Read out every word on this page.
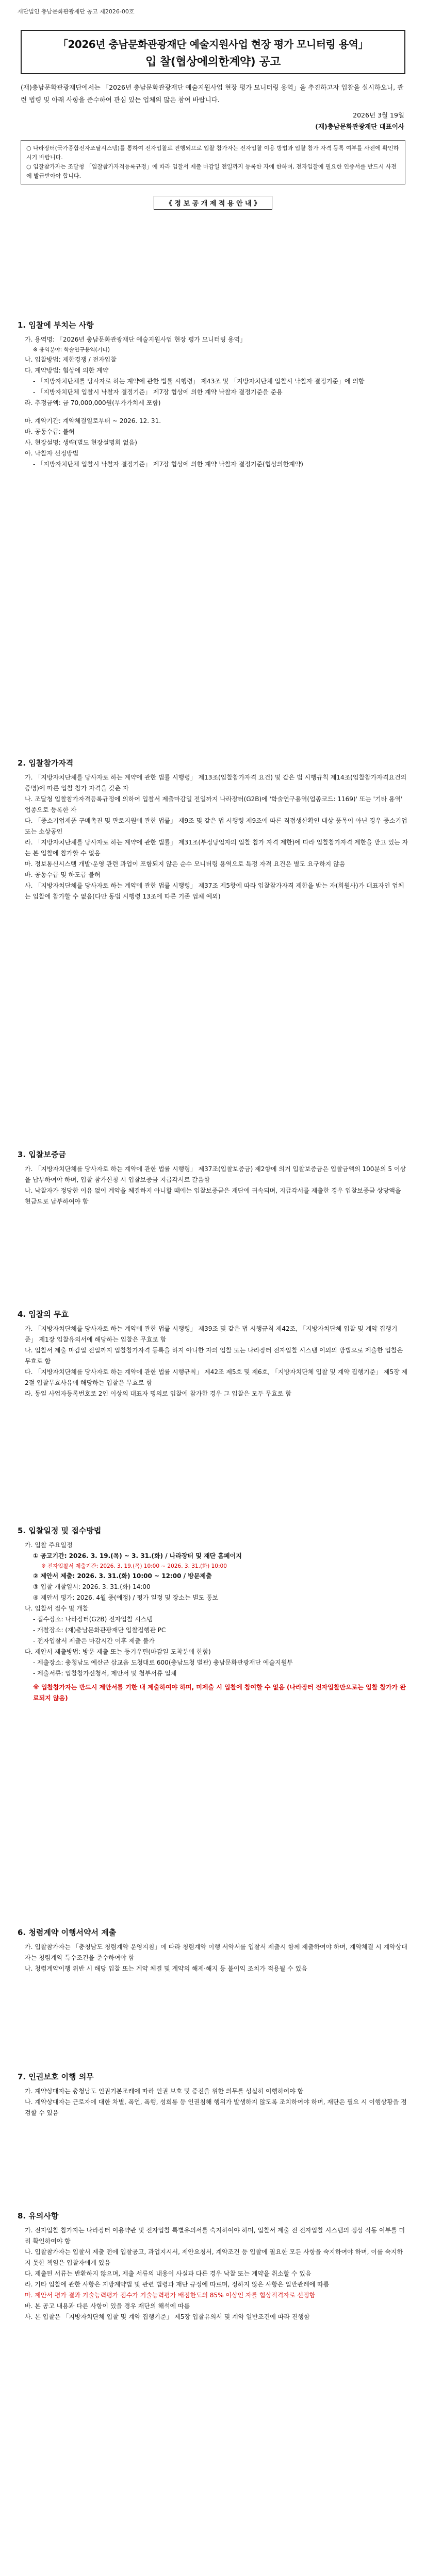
재단법인 충남문화관광재단 공고 제2026-00호
「2026년 충남문화관광재단 예술지원사업 현장 평가 모니터링 용역」
입 찰(협상에의한계약) 공고

(재)충남문화관광재단에서는 「2026년 충남문화관광재단 예술지원사업 현장 평가 모니터링 용역」을 추진하고자 입찰을 실시하오니, 관련 법령 및 아래 사항을 준수하여 관심 있는 업체의 많은 참여 바랍니다.

2026년 3월 19일
(재)충남문화관광재단 대표이사

○ 나라장터(국가종합전자조달시스템)를 통하여 전자입찰로 진행되므로 입찰 참가자는 전자입찰 이용 방법과 입찰 참가 자격 등록 여부를 사전에 확인하시기 바랍니다.

○ 입찰참가자는 조달청 「입찰참가자격등록규정」에 따라 입찰서 제출 마감일 전일까지 등록한 자에 한하며, 전자입찰에 필요한 인증서를 반드시 사전에 발급받아야 합니다.

《 정 보 공 개 제 적 용 안 내 》
1. 입찰에 부치는 사항

가. 용역명: 「2026년 충남문화관광재단 예술지원사업 현장 평가 모니터링 용역」

※ 용역분야: 학술연구용역(기타)

나. 입찰방법: 제한경쟁 / 전자입찰

다. 계약방법: 협상에 의한 계약

- 「지방자치단체를 당사자로 하는 계약에 관한 법률 시행령」 제43조 및 「지방자치단체 입찰시 낙찰자 결정기준」에 의함

- 「지방자치단체 입찰시 낙찰자 결정기준」 제7장 협상에 의한 계약 낙찰자 결정기준을 준용

라. 추정금액: 금 70,000,000원(부가가치세 포함)

마. 계약기간: 계약체결일로부터 ~ 2026. 12. 31.

바. 공동수급: 불허

사. 현장설명: 생략(별도 현장설명회 없음)

아. 낙찰자 선정방법

- 「지방자치단체 입찰시 낙찰자 결정기준」 제7장 협상에 의한 계약 낙찰자 결정기준(협상의한계약)

2. 입찰참가자격

가. 「지방자치단체를 당사자로 하는 계약에 관한 법률 시행령」 제13조(입찰참가자격 요건) 및 같은 법 시행규칙 제14조(입찰참가자격요건의 증명)에 따른 입찰 참가 자격을 갖춘 자

나. 조달청 입찰참가자격등록규정에 의하여 입찰서 제출마감일 전일까지 나라장터(G2B)에 '학술연구용역(업종코드: 1169)' 또는 '기타 용역' 업종으로 등록한 자

다. 「중소기업제품 구매촉진 및 판로지원에 관한 법률」 제9조 및 같은 법 시행령 제9조에 따른 직접생산확인 대상 품목이 아닌 경우 중소기업 또는 소상공인

라. 「지방자치단체를 당사자로 하는 계약에 관한 법률」 제31조(부정당업자의 입찰 참가 자격 제한)에 따라 입찰참가자격 제한을 받고 있는 자는 본 입찰에 참가할 수 없음

마. 정보통신시스템 개발·운영 관련 과업이 포함되지 않은 순수 모니터링 용역으로 특정 자격 요건은 별도 요구하지 않음

바. 공동수급 및 하도급 불허

사. 「지방자치단체를 당사자로 하는 계약에 관한 법률 시행령」 제37조 제5항에 따라 입찰참가자격 제한을 받는 자(회원사)가 대표자인 업체는 입찰에 참가할 수 없음(다만 동법 시행령 13조에 따른 기존 업체 예외)

3. 입찰보증금

가. 「지방자치단체를 당사자로 하는 계약에 관한 법률 시행령」 제37조(입찰보증금) 제2항에 의거 입찰보증금은 입찰금액의 100분의 5 이상을 납부하여야 하며, 입찰 참가신청 시 입찰보증금 지급각서로 갈음함

나. 낙찰자가 정당한 이유 없이 계약을 체결하지 아니할 때에는 입찰보증금은 재단에 귀속되며, 지급각서를 제출한 경우 입찰보증금 상당액을 현금으로 납부하여야 함

4. 입찰의 무효

가. 「지방자치단체를 당사자로 하는 계약에 관한 법률 시행령」 제39조 및 같은 법 시행규칙 제42조, 「지방자치단체 입찰 및 계약 집행기준」 제1장 입찰유의서에 해당하는 입찰은 무효로 함

나. 입찰서 제출 마감일 전일까지 입찰참가자격 등록을 하지 아니한 자의 입찰 또는 나라장터 전자입찰 시스템 이외의 방법으로 제출한 입찰은 무효로 함

다. 「지방자치단체를 당사자로 하는 계약에 관한 법률 시행규칙」 제42조 제5호 및 제6호, 「지방자치단체 입찰 및 계약 집행기준」 제5장 제2절 입찰무효사유에 해당하는 입찰은 무효로 함

라. 동일 사업자등록번호로 2인 이상의 대표자 명의로 입찰에 참가한 경우 그 입찰은 모두 무효로 함

5. 입찰일정 및 접수방법

가. 입찰 주요일정

① 공고기간: 2026. 3. 19.(목) ~ 3. 31.(화) / 나라장터 및 재단 홈페이지

※ 전자입찰서 제출기간: 2026. 3. 19.(목) 10:00 ~ 2026. 3. 31.(화) 10:00

② 제안서 제출: 2026. 3. 31.(화) 10:00 ~ 12:00 / 방문제출

③ 입찰 개찰일시: 2026. 3. 31.(화) 14:00

④ 제안서 평가: 2026. 4월 중(예정) / 평가 일정 및 장소는 별도 통보

나. 입찰서 접수 및 개찰

- 접수장소: 나라장터(G2B) 전자입찰 시스템

- 개찰장소: (재)충남문화관광재단 입찰집행관 PC

- 전자입찰서 제출은 마감시간 이후 제출 불가

다. 제안서 제출방법: 방문 제출 또는 등기우편(마감일 도착분에 한함)

- 제출장소: 충청남도 예산군 삽교읍 도청대로 600(충남도청 별관) 충남문화관광재단 예술지원부

- 제출서류: 입찰참가신청서, 제안서 및 첨부서류 일체

※ 입찰참가자는 반드시 제안서를 기한 내 제출하여야 하며, 미제출 시 입찰에 참여할 수 없음 (나라장터 전자입찰만으로는 입찰 참가가 완료되지 않음)

6. 청렴계약 이행서약서 제출

가. 입찰참가자는 「충청남도 청렴계약 운영지침」에 따라 청렴계약 이행 서약서를 입찰서 제출시 함께 제출하여야 하며, 계약체결 시 계약상대자는 청렴계약 특수조건을 준수하여야 함

나. 청렴계약이행 위반 시 해당 입찰 또는 계약 체결 및 계약의 해제·해지 등 불이익 조치가 적용될 수 있음

7. 인권보호 이행 의무

가. 계약상대자는 충청남도 인권기본조례에 따라 인권 보호 및 증진을 위한 의무를 성실히 이행하여야 함

나. 계약상대자는 근로자에 대한 차별, 폭언, 폭행, 성희롱 등 인권침해 행위가 발생하지 않도록 조치하여야 하며, 재단은 필요 시 이행상황을 점검할 수 있음

8. 유의사항

가. 전자입찰 참가자는 나라장터 이용약관 및 전자입찰 특별유의서를 숙지하여야 하며, 입찰서 제출 전 전자입찰 시스템의 정상 작동 여부를 미리 확인하여야 함

나. 입찰참가자는 입찰서 제출 전에 입찰공고, 과업지시서, 제안요청서, 계약조건 등 입찰에 필요한 모든 사항을 숙지하여야 하며, 이를 숙지하지 못한 책임은 입찰자에게 있음

다. 제출된 서류는 반환하지 않으며, 제출 서류의 내용이 사실과 다른 경우 낙찰 또는 계약을 취소할 수 있음

라. 기타 입찰에 관한 사항은 지방계약법 및 관련 법령과 재단 규정에 따르며, 정하지 않은 사항은 일반관례에 따름

마. 제안서 평가 결과 기술능력평가 점수가 기술능력평가 배점한도의 85% 이상인 자를 협상적격자로 선정함

바. 본 공고 내용과 다른 사항이 있을 경우 재단의 해석에 따름

사. 본 입찰은 「지방자치단체 입찰 및 계약 집행기준」 제5장 입찰유의서 및 계약 일반조건에 따라 진행함
